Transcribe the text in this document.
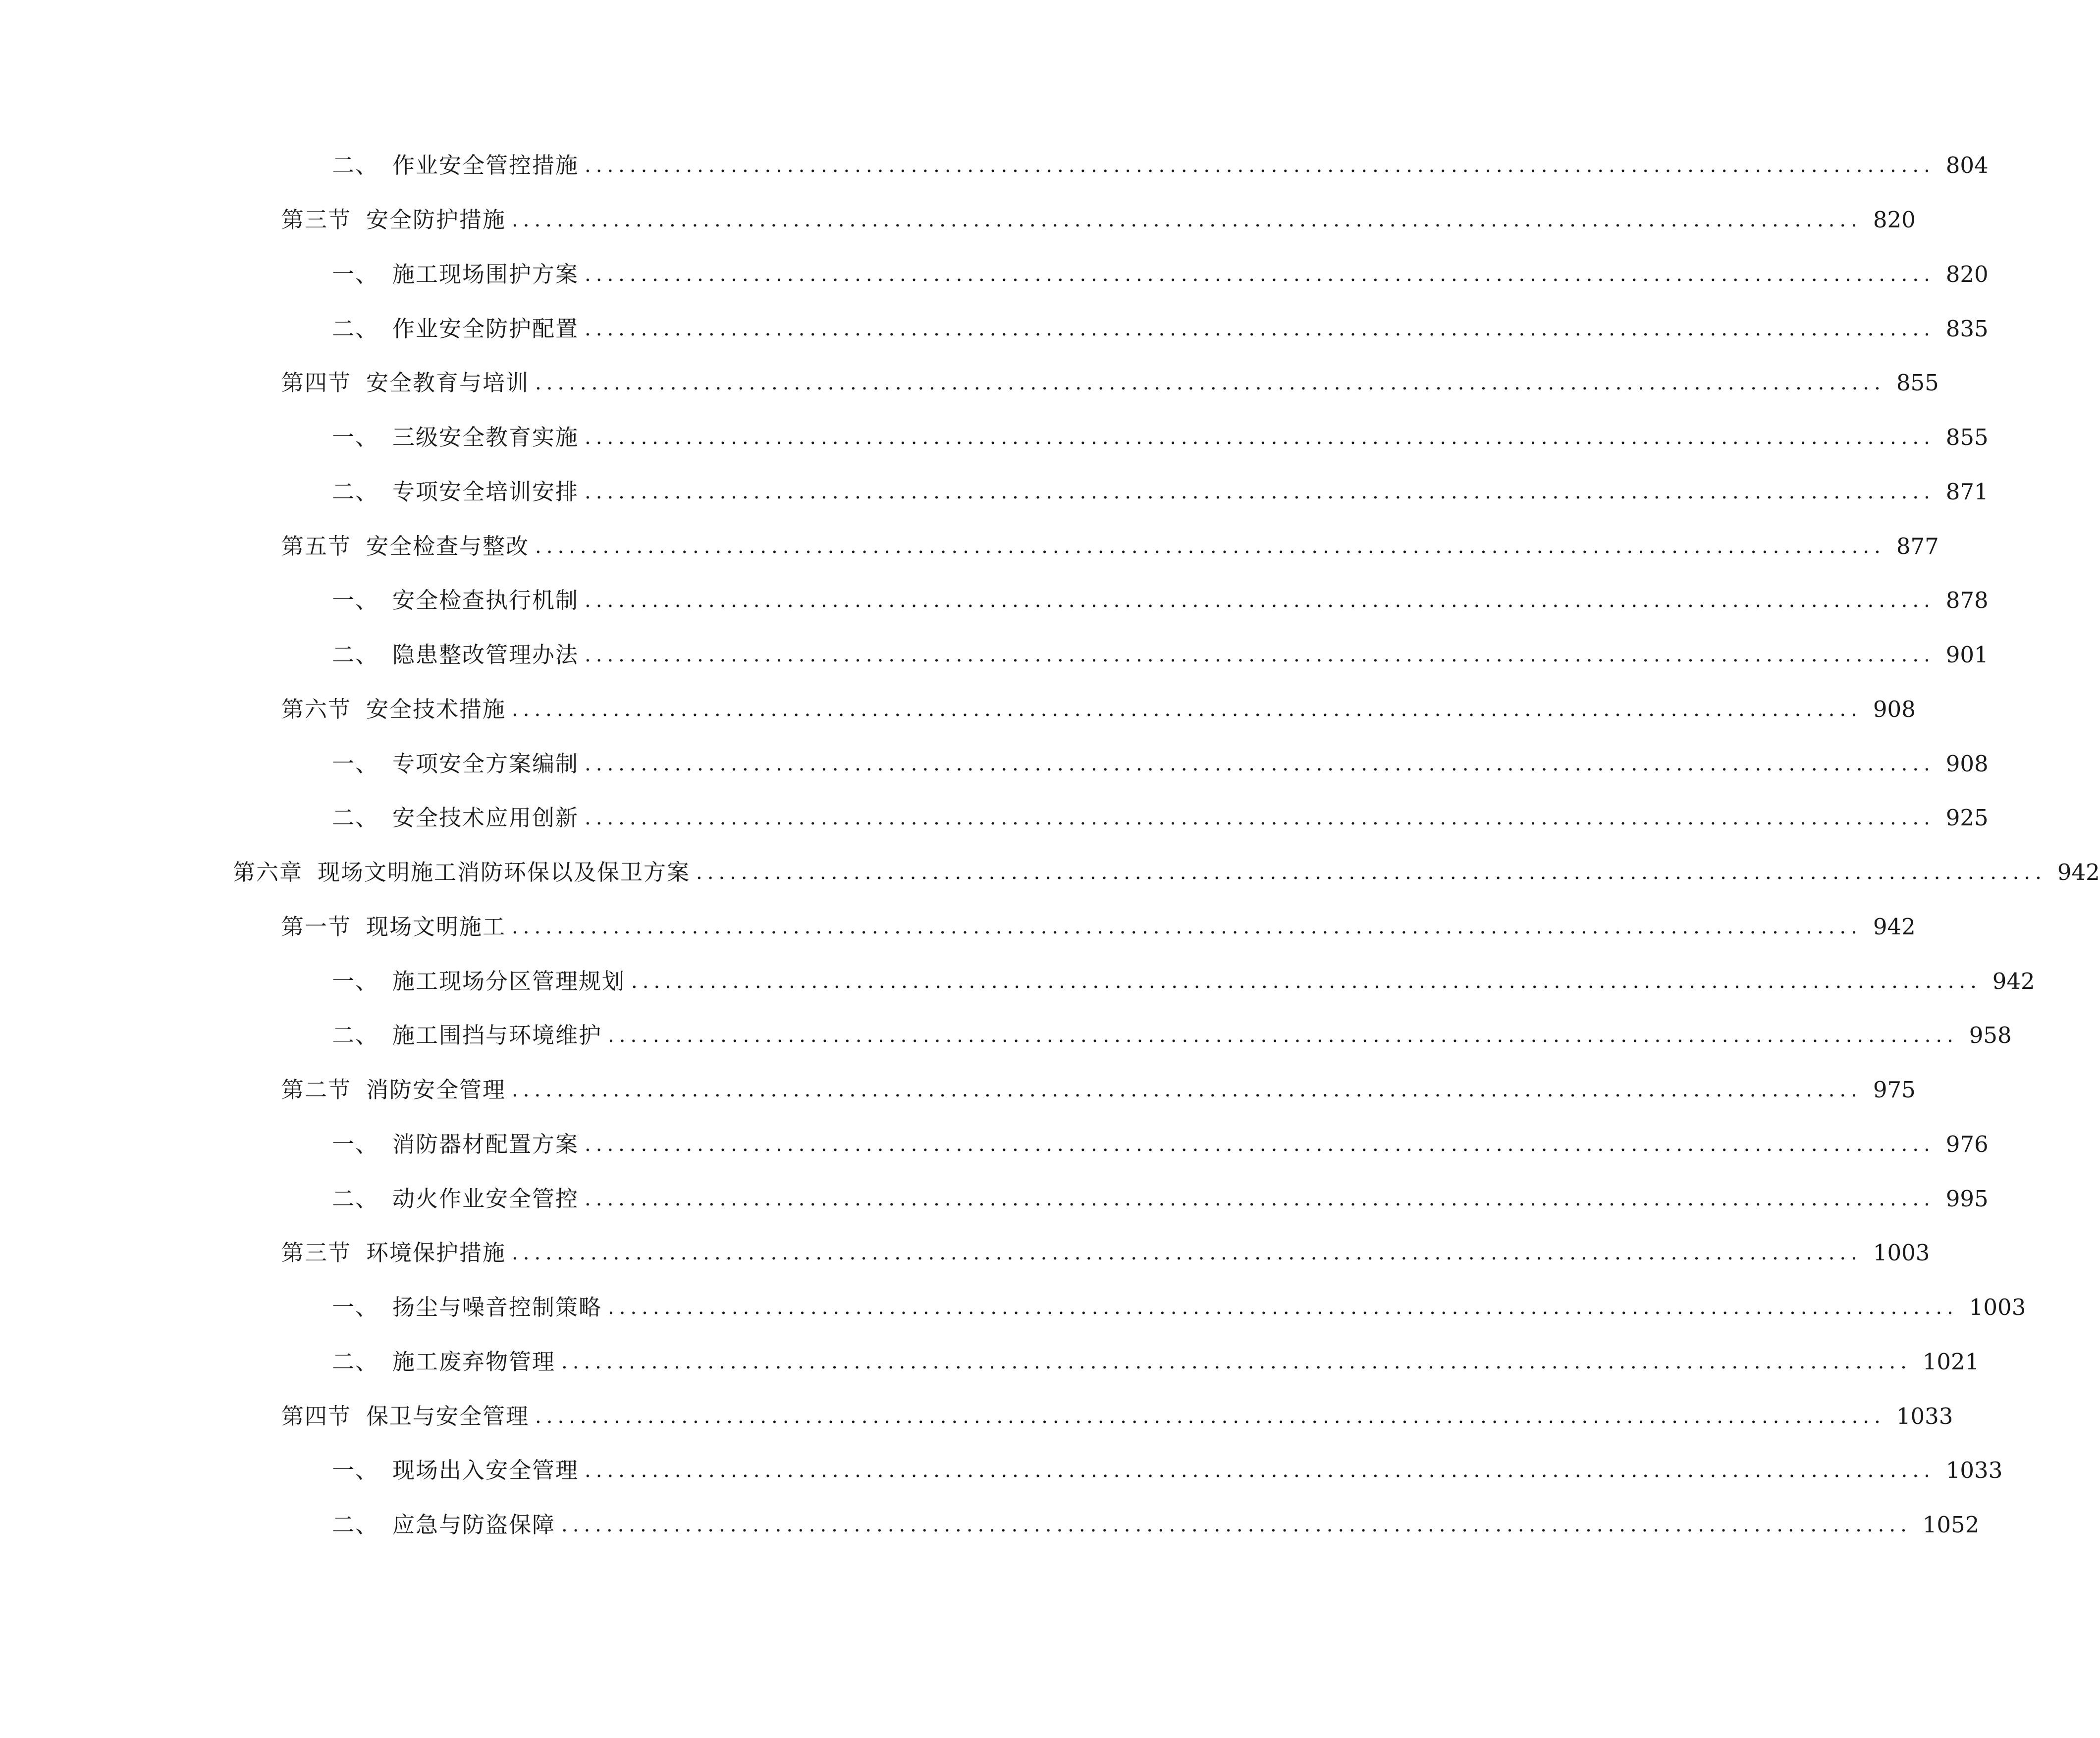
二、 作业安全管控措施 ........................................................................................................................ 804
第三节 安全防护措施 ........................................................................................................................ 820
一、 施工现场围护方案 ........................................................................................................................ 820
二、 作业安全防护配置 ........................................................................................................................ 835
第四节 安全教育与培训 ........................................................................................................................ 855
一、 三级安全教育实施 ........................................................................................................................ 855
二、 专项安全培训安排 ........................................................................................................................ 871
第五节 安全检查与整改 ........................................................................................................................ 877
一、 安全检查执行机制 ........................................................................................................................ 878
二、 隐患整改管理办法 ........................................................................................................................ 901
第六节 安全技术措施 ........................................................................................................................ 908
一、 专项安全方案编制 ........................................................................................................................ 908
二、 安全技术应用创新 ........................................................................................................................ 925
第六章 现场文明施工消防环保以及保卫方案 ........................................................................................................................ 942
第一节 现场文明施工 ........................................................................................................................ 942
一、 施工现场分区管理规划 ........................................................................................................................ 942
二、 施工围挡与环境维护 ........................................................................................................................ 958
第二节 消防安全管理 ........................................................................................................................ 975
一、 消防器材配置方案 ........................................................................................................................ 976
二、 动火作业安全管控 ........................................................................................................................ 995
第三节 环境保护措施 ........................................................................................................................ 1003
一、 扬尘与噪音控制策略 ........................................................................................................................ 1003
二、 施工废弃物管理 ........................................................................................................................ 1021
第四节 保卫与安全管理 ........................................................................................................................ 1033
一、 现场出入安全管理 ........................................................................................................................ 1033
二、 应急与防盗保障 ........................................................................................................................ 1052
